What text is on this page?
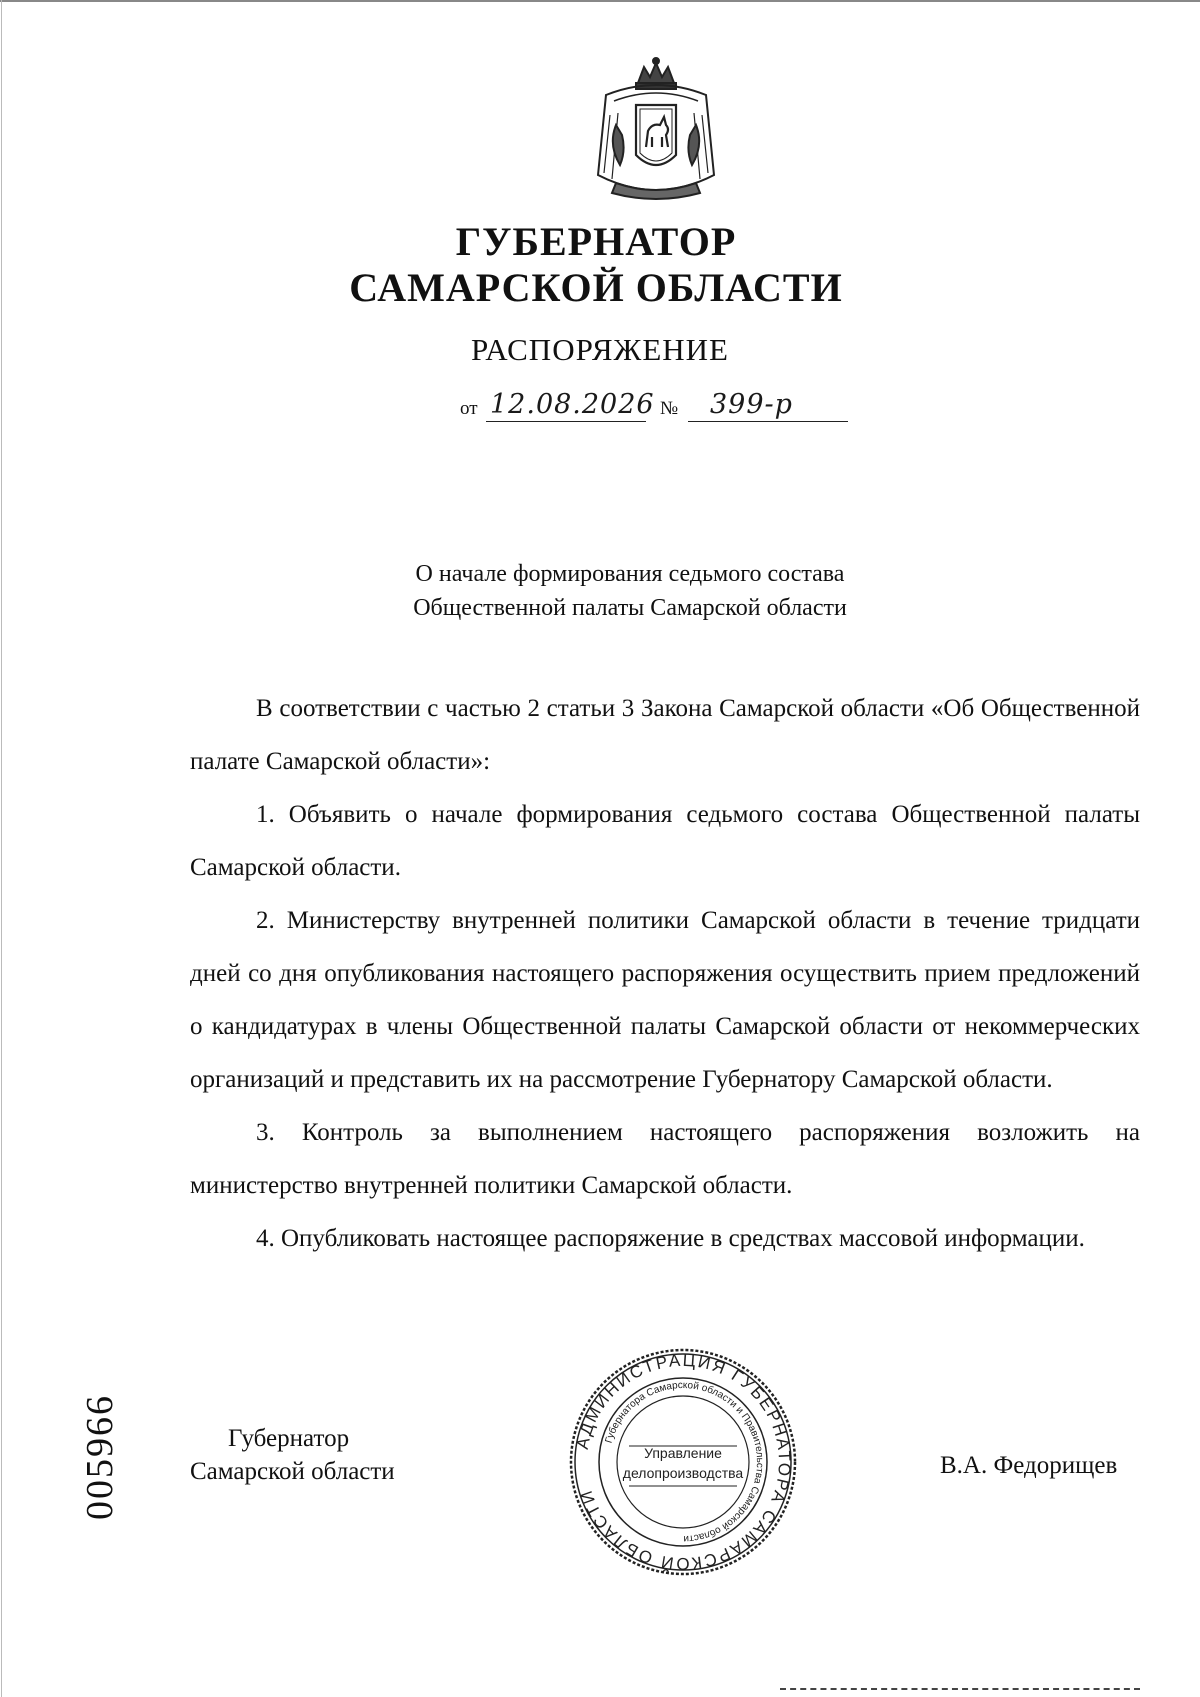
ГУБЕРНАТОР
САМАРСКОЙ ОБЛАСТИ
РАСПОРЯЖЕНИЕ
от 12.08.2026 № 399-р
О начале формирования седьмого состава
Общественной палаты Самарской области

В соответствии с частью 2 статьи 3 Закона Самарской области «Об Общественной палате Самарской области»:

1. Объявить о начале формирования седьмого состава Общественной палаты Самарской области.

2. Министерству внутренней политики Самарской области в течение тридцати дней со дня опубликования настоящего распоряжения осуществить прием предложений о кандидатурах в члены Общественной палаты Самарской области от некоммерческих организаций и представить их на рассмотрение Губернатору Самарской области.

3. Контроль за выполнением настоящего распоряжения возложить на министерство внутренней политики Самарской области.

4. Опубликовать настоящее распоряжение в средствах массовой информации.

Губернатор
Самарской области
АДМИНИСТРАЦИЯ ГУБЕРНАТОРА САМАРСКОЙ ОБЛАСТИ
Губернатора Самарской области и Правительства Самарской области
Управление
делопроизводства	В.А. Федорищев
005966
